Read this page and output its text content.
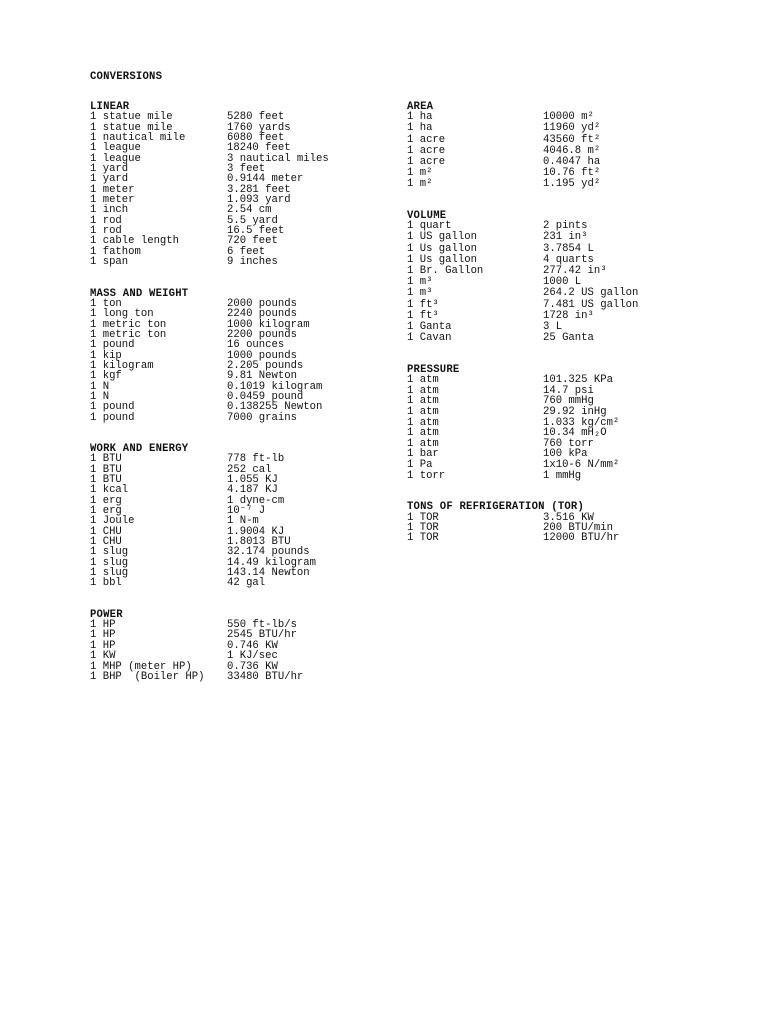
CONVERSIONS
LINEAR
1 statue mile	5280 feet
1 statue mile	1760 yards
1 nautical mile	6080 feet
1 league	18240 feet
1 league	3 nautical miles
1 yard	3 feet
1 yard	0.9144 meter
1 meter	3.281 feet
1 meter	1.093 yard
1 inch	2.54 cm
1 rod	5.5 yard
1 rod	16.5 feet
1 cable length	720 feet
1 fathom	6 feet
1 span	9 inches
MASS AND WEIGHT
1 ton	2000 pounds
1 long ton	2240 pounds
1 metric ton	1000 kilogram
1 metric ton	2200 pounds
1 pound	16 ounces
1 kip	1000 pounds
1 kilogram	2.205 pounds
1 kgf	9.81 Newton
1 N	0.1019 kilogram
1 N	0.0459 pound
1 pound	0.138255 Newton
1 pound	7000 grains
WORK AND ENERGY
1 BTU	778 ft-lb
1 BTU	252 cal
1 BTU	1.055 KJ
1 kcal	4.187 KJ
1 erg	1 dyne-cm
1 erg	10⁻⁷ J
1 Joule	1 N-m
1 CHU	1.9004 KJ
1 CHU	1.8013 BTU
1 slug	32.174 pounds
1 slug	14.49 kilogram
1 slug	143.14 Newton
1 bbl	42 gal
POWER
1 HP	550 ft-lb/s
1 HP	2545 BTU/hr
1 HP	0.746 KW
1 KW	1 KJ/sec
1 MHP (meter HP)	0.736 KW
1 BHP  (Boiler HP) 33480 BTU/hr
AREA
1 ha	10000 m²
1 ha	11960 yd²
1 acre	43560 ft²
1 acre	4046.8 m²
1 acre	0.4047 ha
1 m²	10.76 ft²
1 m²	1.195 yd²
VOLUME
1 quart	2 pints
1 US gallon	231 in³
1 Us gallon	3.7854 L
1 Us gallon	4 quarts
1 Br. Gallon	277.42 in³
1 m³	1000 L
1 m³	264.2 US gallon
1 ft³	7.481 US gallon
1 ft³	1728 in³
1 Ganta	3 L
1 Cavan	25 Ganta
PRESSURE
1 atm	101.325 KPa
1 atm	14.7 psi
1 atm	760 mmHg
1 atm	29.92 inHg
1 atm	1.033 kg/cm²
1 atm	10.34 mH₂O
1 atm	760 torr
1 bar	100 kPa
1 Pa	1x10-6 N/mm²
1 torr	1 mmHg
TONS OF REFRIGERATION (TOR)
1 TOR	3.516 KW
1 TOR	200 BTU/min
1 TOR	12000 BTU/hr
